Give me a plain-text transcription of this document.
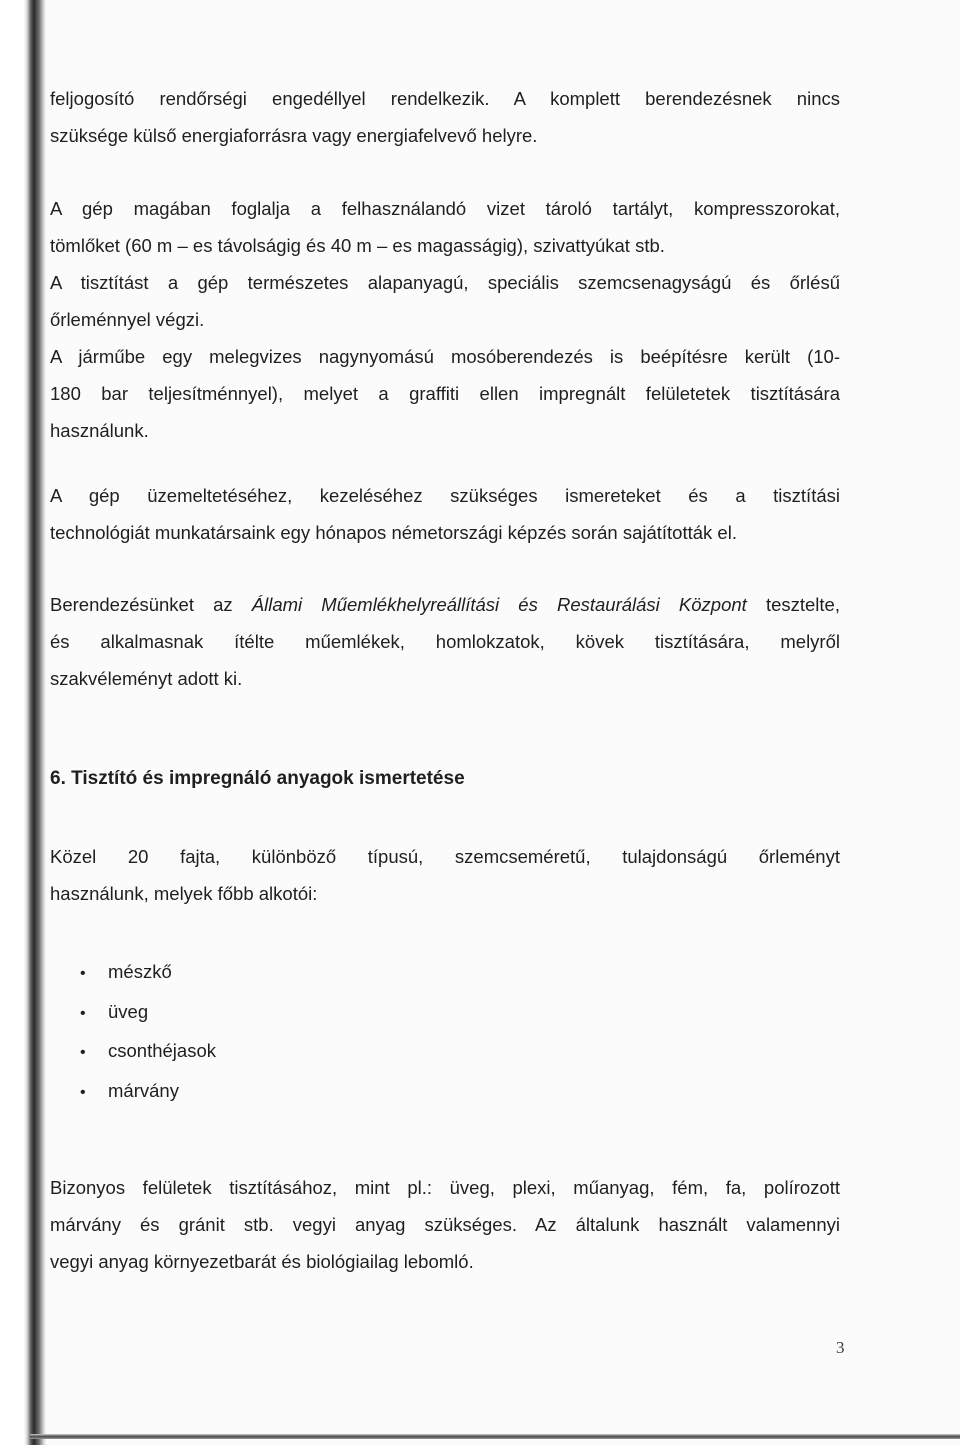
feljogosító rendőrségi engedéllyel rendelkezik. A komplett berendezésnek nincs
szüksége külső energiaforrásra vagy energiafelvevő helyre.
A gép magában foglalja a felhasználandó vizet tároló tartályt, kompresszorokat,
tömlőket (60 m – es távolságig és 40 m – es magasságig), szivattyúkat stb.
A tisztítást a gép természetes alapanyagú, speciális szemcsenagyságú és őrlésű
őrleménnyel végzi.
A járműbe egy melegvizes nagynyomású mosóberendezés is beépítésre került (10-
180 bar teljesítménnyel), melyet a graffiti ellen impregnált felületetek tisztítására
használunk.
A gép üzemeltetéséhez, kezeléséhez szükséges ismereteket és a tisztítási
technológiát munkatársaink egy hónapos németországi képzés során sajátították el.
Berendezésünket az Állami Műemlékhelyreállítási és Restaurálási Központ tesztelte,
és alkalmasnak ítélte műemlékek, homlokzatok, kövek tisztítására, melyről
szakvéleményt adott ki.
6. Tisztító és impregnáló anyagok ismertetése
Közel 20 fajta, különböző típusú, szemcseméretű, tulajdonságú őrleményt
használunk, melyek főbb alkotói:
• mészkő
• üveg
• csonthéjasok
• márvány
Bizonyos felületek tisztításához, mint pl.: üveg, plexi, műanyag, fém, fa, polírozott
márvány és gránit stb. vegyi anyag szükséges. Az általunk használt valamennyi
vegyi anyag környezetbarát és biológiailag lebomló.
3
